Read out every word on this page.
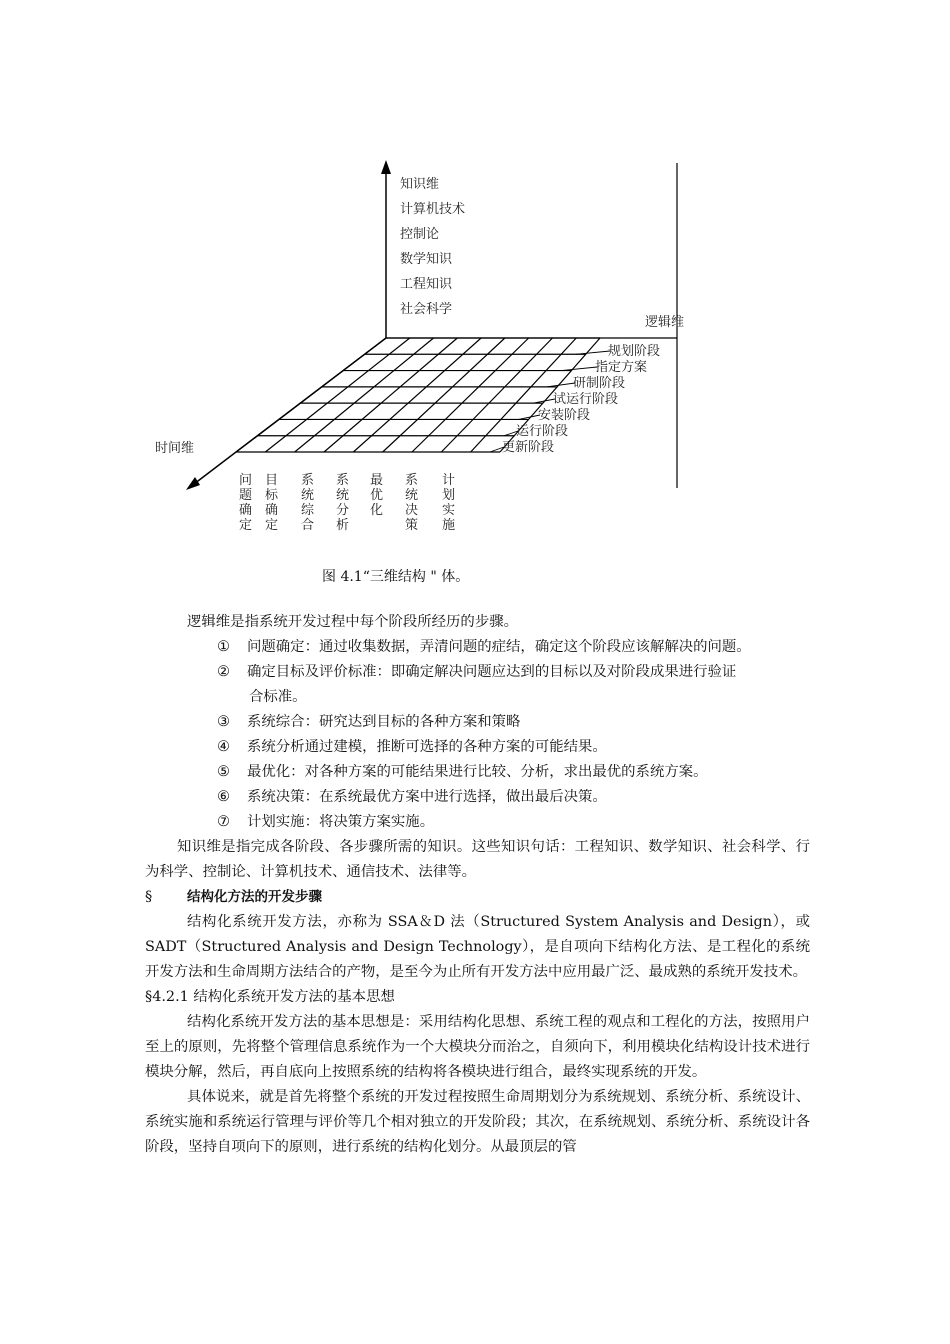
知识维
计算机技术
控制论
数学知识
工程知识
社会科学
逻辑维
时间维
规划阶段
指定方案
研制阶段
试运行阶段
安装阶段
运行阶段
更新阶段
问题确定
目标确定
系统综合
系统分析
最优化
系统决策
计划实施
图 4.1“三维结构 " 体。

逻辑维是指系统开发过程中每个阶段所经历的步骤。

①	问题确定：通过收集数据，弄清问题的症结，确定这个阶段应该解解决的问题。
②	确定目标及评价标准：即确定解决问题应达到的目标以及对阶段成果进行验证
合标准。
③	系统综合：研究达到目标的各种方案和策略
④	系统分析通过建模，推断可选择的各种方案的可能结果。
⑤	最优化：对各种方案的可能结果进行比较、分析，求出最优的系统方案。
⑥	系统决策：在系统最优方案中进行选择，做出最后决策。
⑦	计划实施：将决策方案实施。

知识维是指完成各阶段、各步骤所需的知识。这些知识句话：工程知识、数学知识、社会科学、行为科学、控制论、计算机技术、通信技术、法律等。

§	结构化方法的开发步骤

结构化系统开发方法，亦称为 SSA＆D 法（Structured System Analysis and Design），或 SADT（Structured Analysis and Design Technology），是自项向下结构化方法、是工程化的系统开发方法和生命周期方法结合的产物，是至今为止所有开发方法中应用最广泛、最成熟的系统开发技术。

§4.2.1 结构化系统开发方法的基本思想

结构化系统开发方法的基本思想是：采用结构化思想、系统工程的观点和工程化的方法，按照用户至上的原则，先将整个管理信息系统作为一个大模块分而治之，自须向下，利用模块化结构设计技术进行模块分解，然后，再自底向上按照系统的结构将各模块进行组合，最终实现系统的开发。

具体说来，就是首先将整个系统的开发过程按照生命周期划分为系统规划、系统分析、系统设计、系统实施和系统运行管理与评价等几个相对独立的开发阶段；其次，在系统规划、系统分析、系统设计各阶段，坚持自项向下的原则，进行系统的结构化划分。从最顶层的管
